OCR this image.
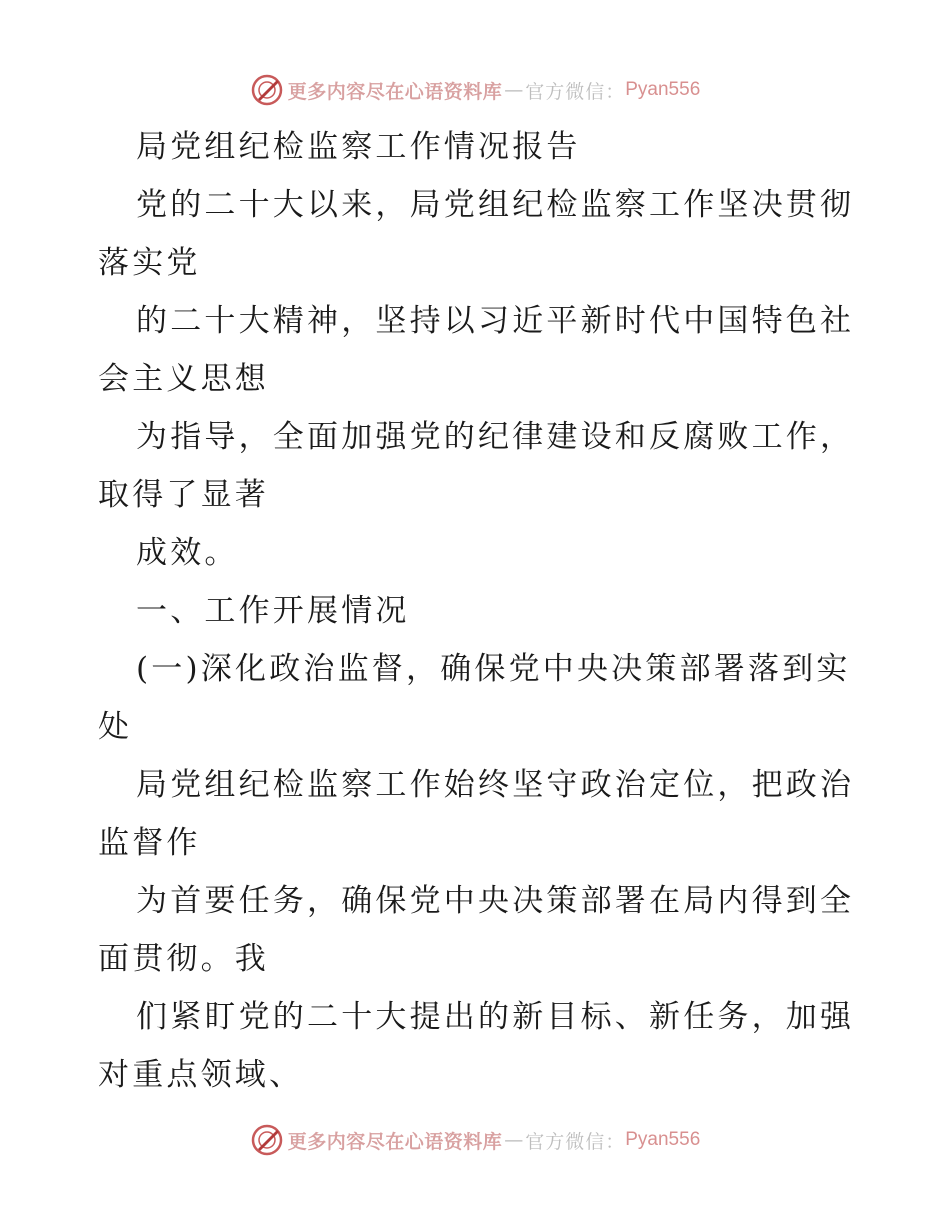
更多内容尽在心语资料库 — 官方微信： Pyan556
局党组纪检监察工作情况报告
党的二十大以来，局党组纪检监察工作坚决贯彻
落实党
的二十大精神，坚持以习近平新时代中国特色社
会主义思想
为指导，全面加强党的纪律建设和反腐败工作，
取得了显著
成效。
一、工作开展情况
(一)深化政治监督，确保党中央决策部署落到实
处
局党组纪检监察工作始终坚守政治定位，把政治
监督作
为首要任务，确保党中央决策部署在局内得到全
面贯彻。我
们紧盯党的二十大提出的新目标、新任务，加强
对重点领域、
更多内容尽在心语资料库 — 官方微信： Pyan556
